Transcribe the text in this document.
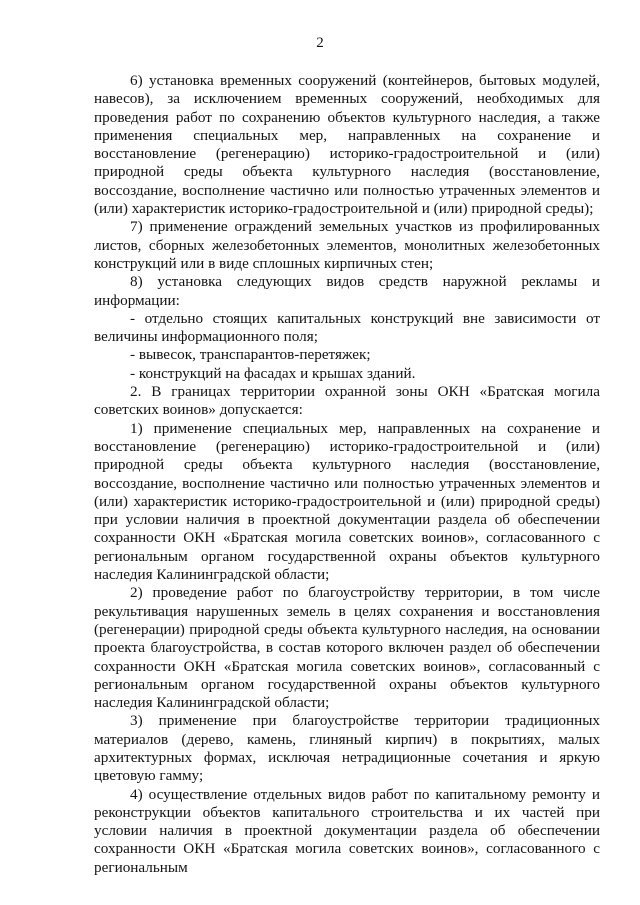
2

6) установка временных сооружений (контейнеров, бытовых модулей, навесов), за исключением временных сооружений, необходимых для проведения работ по сохранению объектов культурного наследия, а также применения специальных мер, направленных на сохранение и восстановление (регенерацию) историко-градостроительной и (или) природной среды объекта культурного наследия (восстановление, воссоздание, восполнение частично или полностью утраченных элементов и (или) характеристик историко-градостроительной и (или) природной среды);

7) применение ограждений земельных участков из профилированных листов, сборных железобетонных элементов, монолитных железобетонных конструкций или в виде сплошных кирпичных стен;

8) установка следующих видов средств наружной рекламы и информации:

- отдельно стоящих капитальных конструкций вне зависимости от величины информационного поля;

- вывесок, транспарантов-перетяжек;

- конструкций на фасадах и крышах зданий.

2. В границах территории охранной зоны ОКН «Братская могила советских воинов» допускается:

1) применение специальных мер, направленных на сохранение и восстановление (регенерацию) историко-градостроительной и (или) природной среды объекта культурного наследия (восстановление, воссоздание, восполнение частично или полностью утраченных элементов и (или) характеристик историко-градостроительной и (или) природной среды) при условии наличия в проектной документации раздела об обеспечении сохранности ОКН «Братская могила советских воинов», согласованного с региональным органом государственной охраны объектов культурного наследия Калининградской области;

2) проведение работ по благоустройству территории, в том числе рекультивация нарушенных земель в целях сохранения и восстановления (регенерации) природной среды объекта культурного наследия, на основании проекта благоустройства, в состав которого включен раздел об обеспечении сохранности ОКН «Братская могила советских воинов», согласованный с региональным органом государственной охраны объектов культурного наследия Калининградской области;

3) применение при благоустройстве территории традиционных материалов (дерево, камень, глиняный кирпич) в покрытиях, малых архитектурных формах, исключая нетрадиционные сочетания и яркую цветовую гамму;

4) осуществление отдельных видов работ по капитальному ремонту и реконструкции объектов капитального строительства и их частей при условии наличия в проектной документации раздела об обеспечении сохранности ОКН «Братская могила советских воинов», согласованного с региональным
